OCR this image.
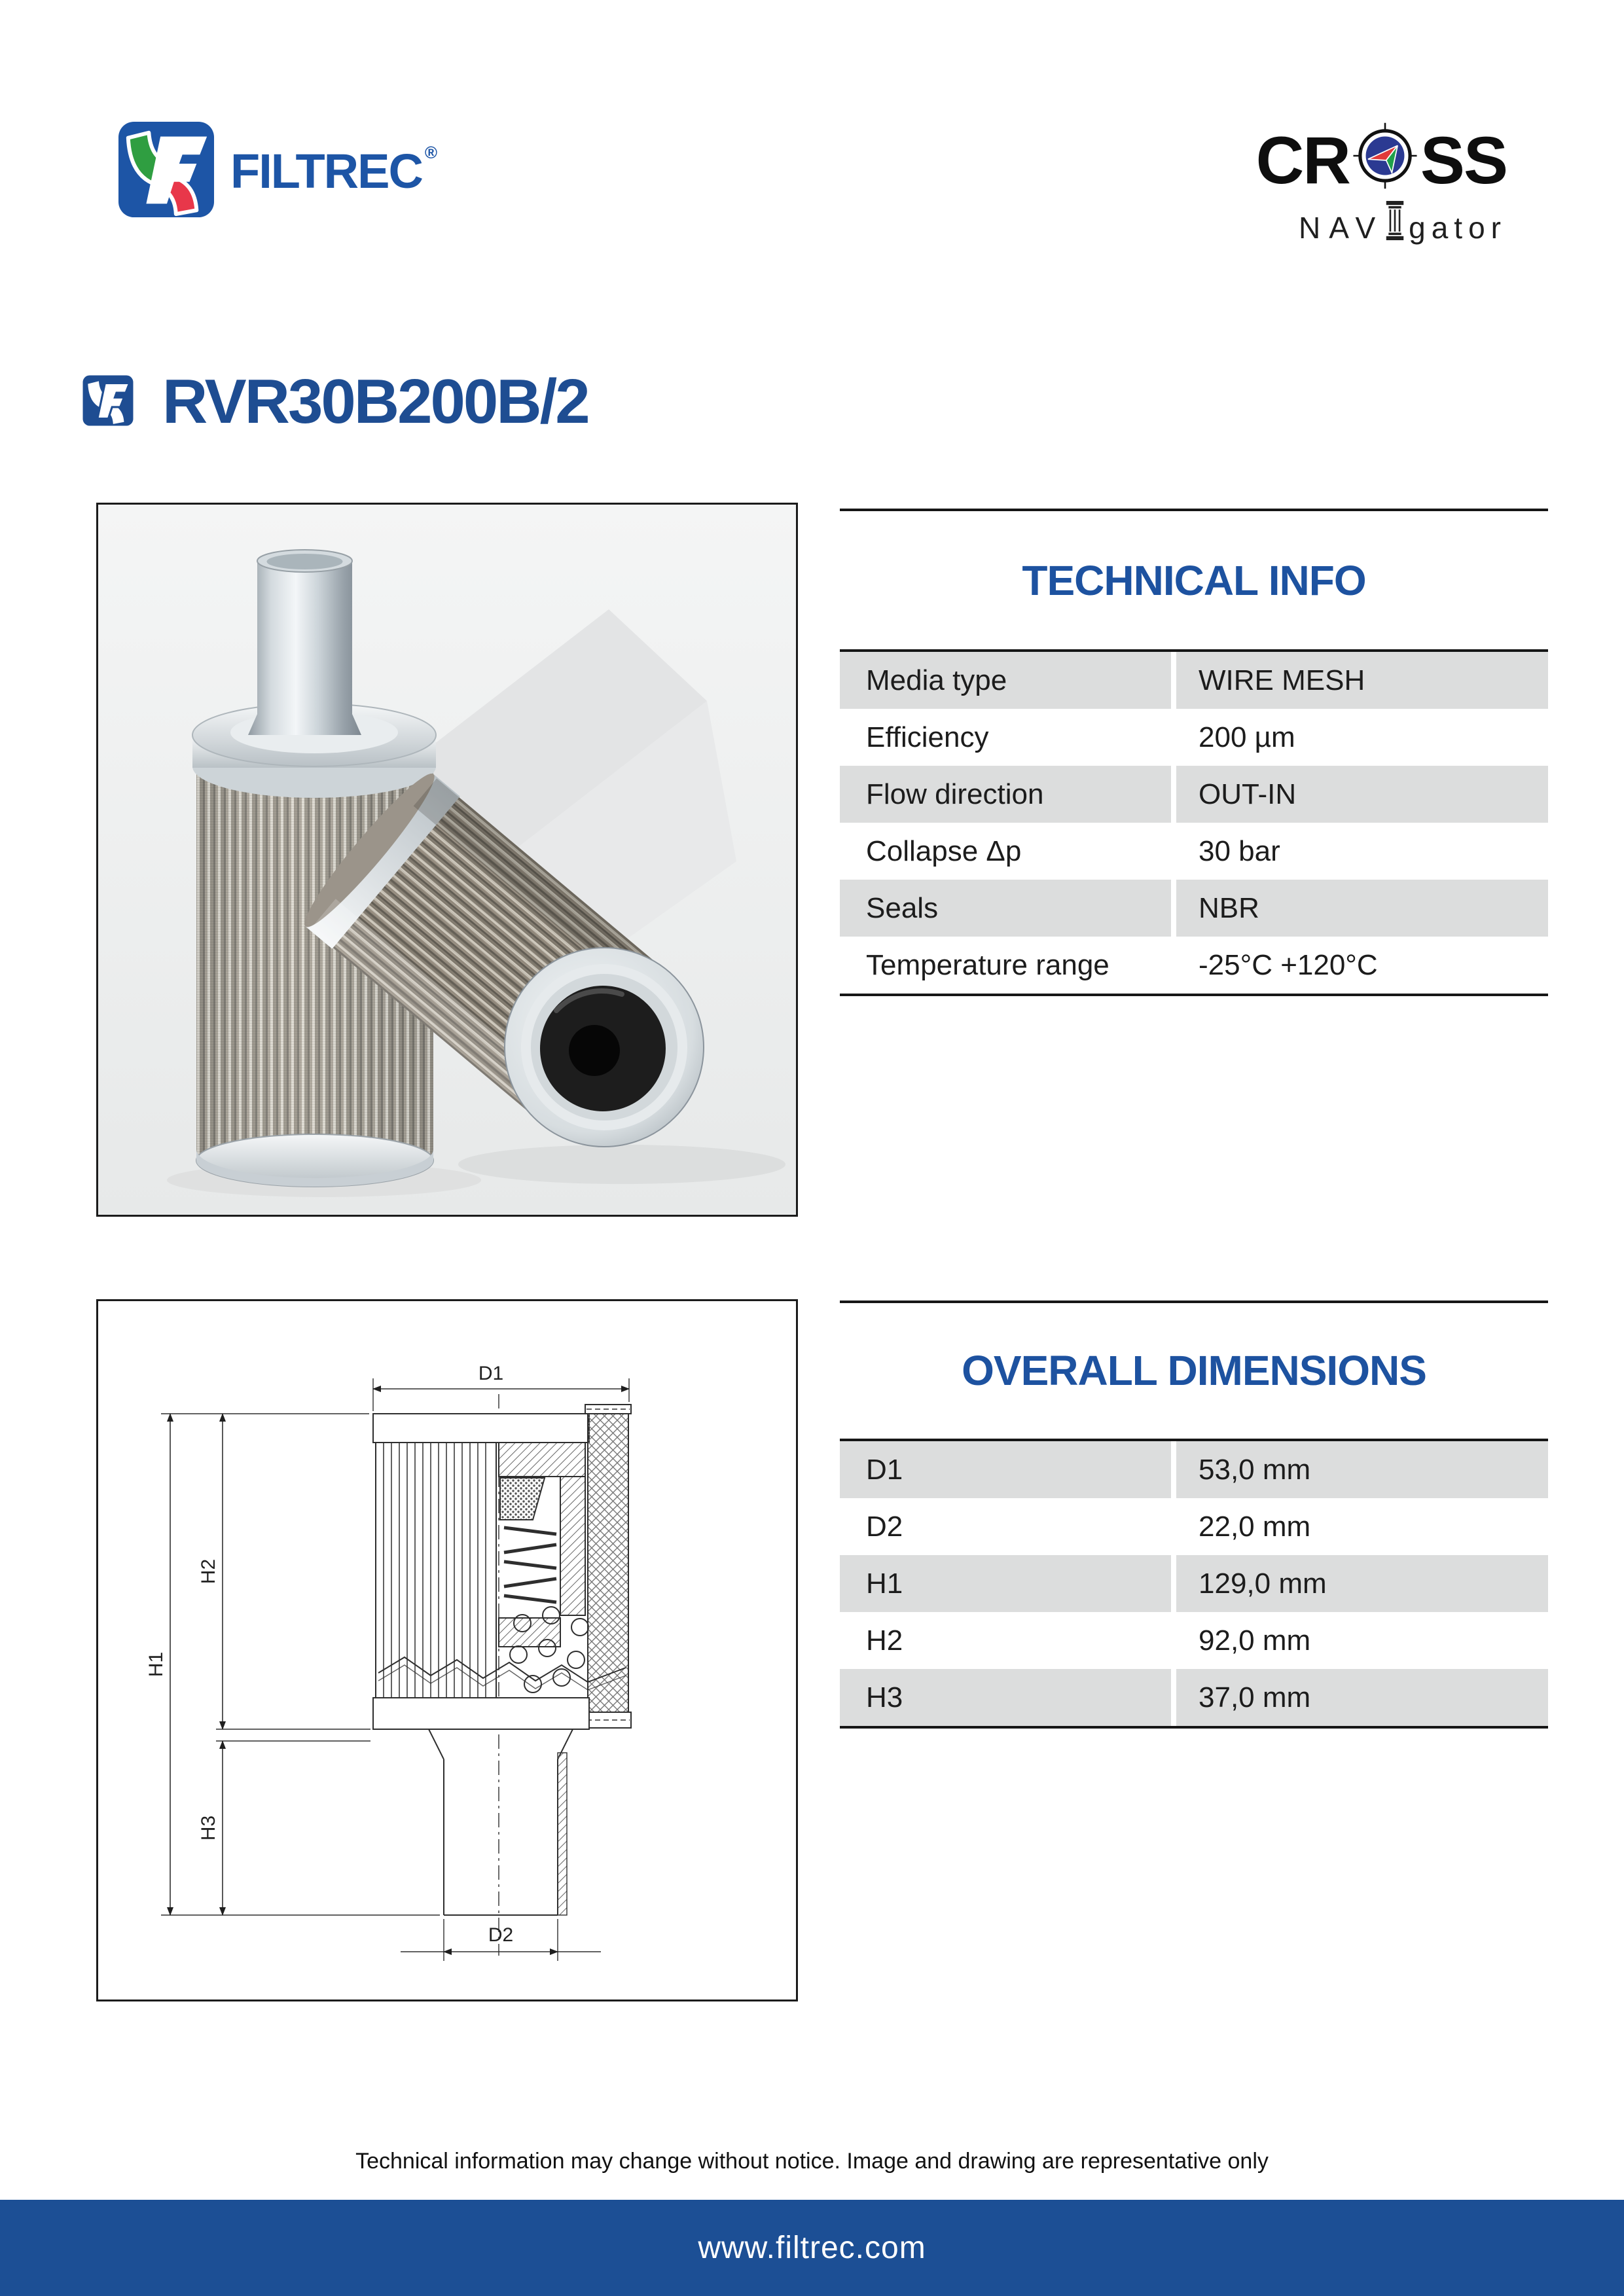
FILTREC ®	CR SS
NAV gator
RVR30B200B/2
TECHNICAL INFO
Media type	WIRE MESH
Efficiency	200 µm
Flow direction	OUT-IN
Collapse Δp	30 bar
Seals	NBR
Temperature range	-25°C +120°C
D1
H1
H2
H3
D2
OVERALL DIMENSIONS
D1	53,0 mm
D2	22,0 mm
H1	129,0 mm
H2	92,0 mm
H3	37,0 mm
Technical information may change without notice. Image and drawing are representative only
www.filtrec.com
